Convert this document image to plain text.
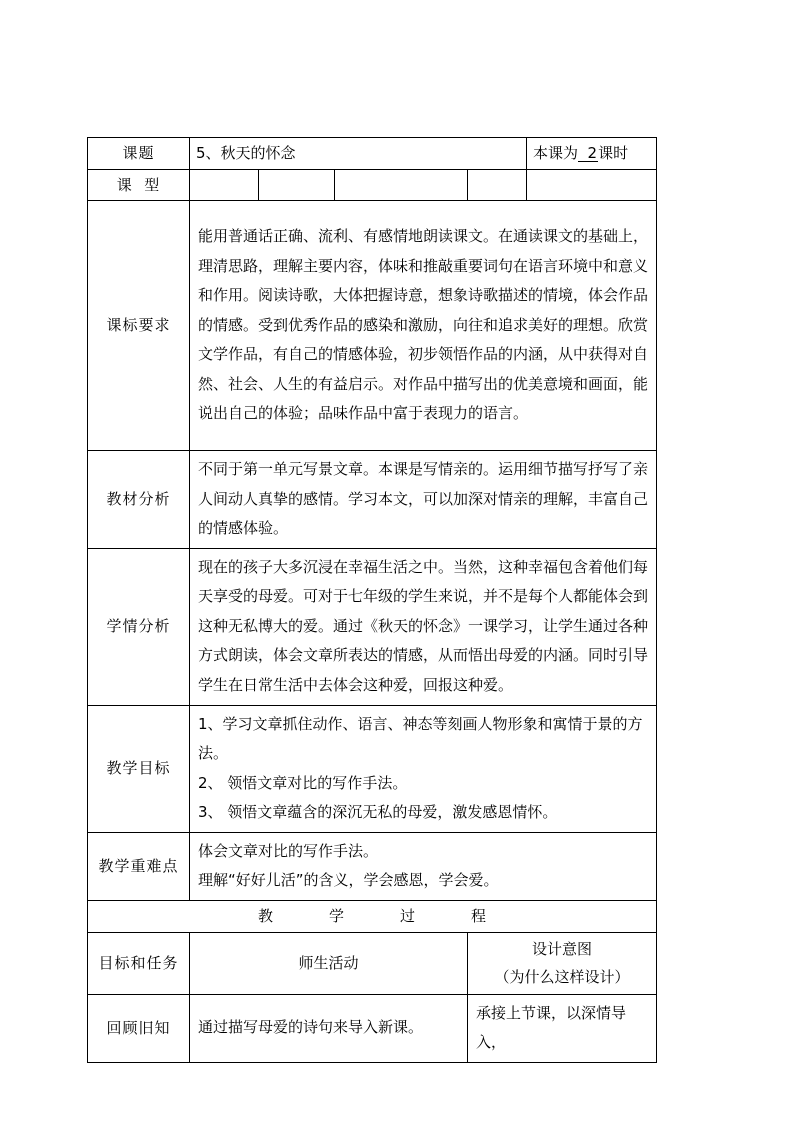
课题	5、秋天的怀念				本课为 2课时
课  型					
课标要求	能用普通话正确、流利、有感情地朗读课文。在通读课文的基础上，理清思路，理解主要内容，体味和推敲重要词句在语言环境中和意义和作用。阅读诗歌，大体把握诗意，想象诗歌描述的情境，体会作品的情感。受到优秀作品的感染和激励，向往和追求美好的理想。欣赏文学作品，有自己的情感体验，初步领悟作品的内涵，从中获得对自然、社会、人生的有益启示。对作品中描写出的优美意境和画面，能说出自己的体验；品味作品中富于表现力的语言。				
教材分析	不同于第一单元写景文章。本课是写情亲的。运用细节描写抒写了亲人间动人真挚的感情。学习本文，可以加深对情亲的理解，丰富自己的情感体验。				
学情分析	现在的孩子大多沉浸在幸福生活之中。当然，这种幸福包含着他们每天享受的母爱。可对于七年级的学生来说，并不是每个人都能体会到这种无私博大的爱。通过《秋天的怀念》一课学习，让学生通过各种方式朗读，体会文章所表达的情感，从而悟出母爱的内涵。同时引导学生在日常生活中去体会这种爱，回报这种爱。				
教学目标	1、学习文章抓住动作、语言、神态等刻画人物形象和寓情于景的方法。

2、 领悟文章对比的写作手法。

3、 领悟文章蕴含的深沉无私的母爱，激发感恩情怀。				

教学重难点	体会文章对比的写作手法。

理解“好好儿活”的含义，学会感恩，学会爱。				

教 学 过 程					
目标和任务	师生活动			设计意图

（为什么这样设计）	

回顾旧知	通过描写母爱的诗句来导入新课。			承接上节课，以深情导入，	
